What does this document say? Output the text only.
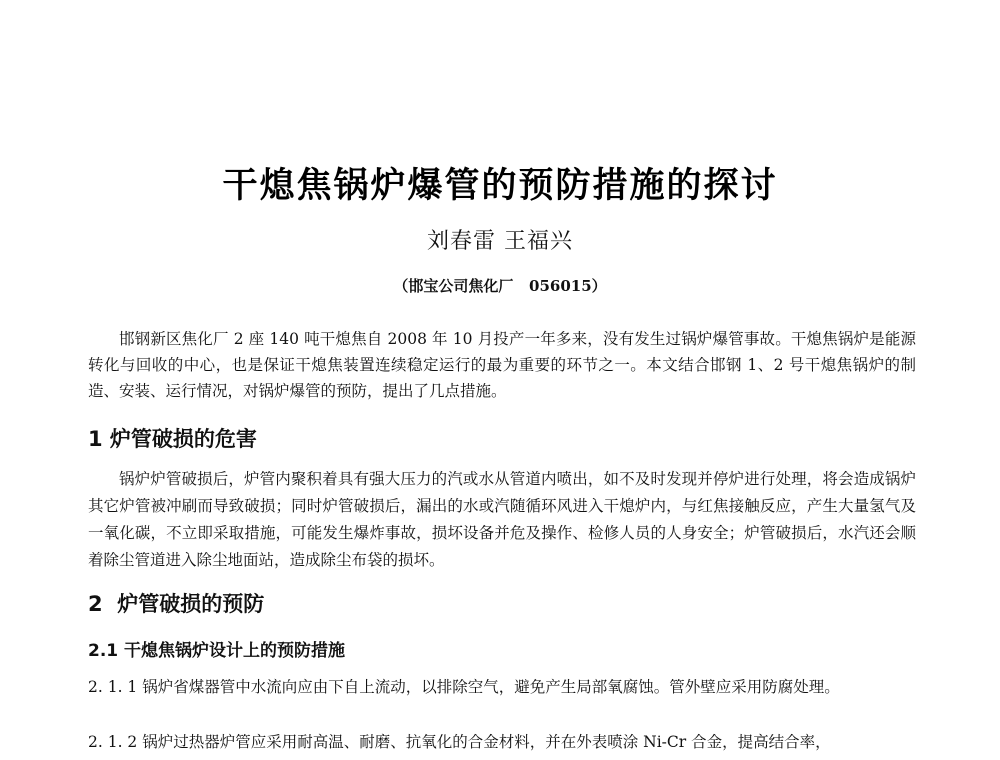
干熄焦锅炉爆管的预防措施的探讨
刘春雷 王福兴
（邯宝公司焦化厂   056015）

邯钢新区焦化厂 2 座 140 吨干熄焦自 2008 年 10 月投产一年多来，没有发生过锅炉爆管事故。干熄焦锅炉是能源转化与回收的中心，也是保证干熄焦装置连续稳定运行的最为重要的环节之一。本文结合邯钢 1、2 号干熄焦锅炉的制造、安装、运行情况，对锅炉爆管的预防，提出了几点措施。

1 炉管破损的危害

锅炉炉管破损后，炉管内聚积着具有强大压力的汽或水从管道内喷出，如不及时发现并停炉进行处理，将会造成锅炉其它炉管被冲刷而导致破损；同时炉管破损后，漏出的水或汽随循环风进入干熄炉内，与红焦接触反应，产生大量氢气及一氧化碳，不立即采取措施，可能发生爆炸事故，损坏设备并危及操作、检修人员的人身安全；炉管破损后，水汽还会顺着除尘管道进入除尘地面站，造成除尘布袋的损坏。

2  炉管破损的预防
2.1 干熄焦锅炉设计上的预防措施

2. 1. 1 锅炉省煤器管中水流向应由下自上流动，以排除空气，避免产生局部氧腐蚀。管外壁应采用防腐处理。

2. 1. 2 锅炉过热器炉管应采用耐高温、耐磨、抗氧化的合金材料，并在外表喷涂 Ni-Cr 合金，提高结合率，
